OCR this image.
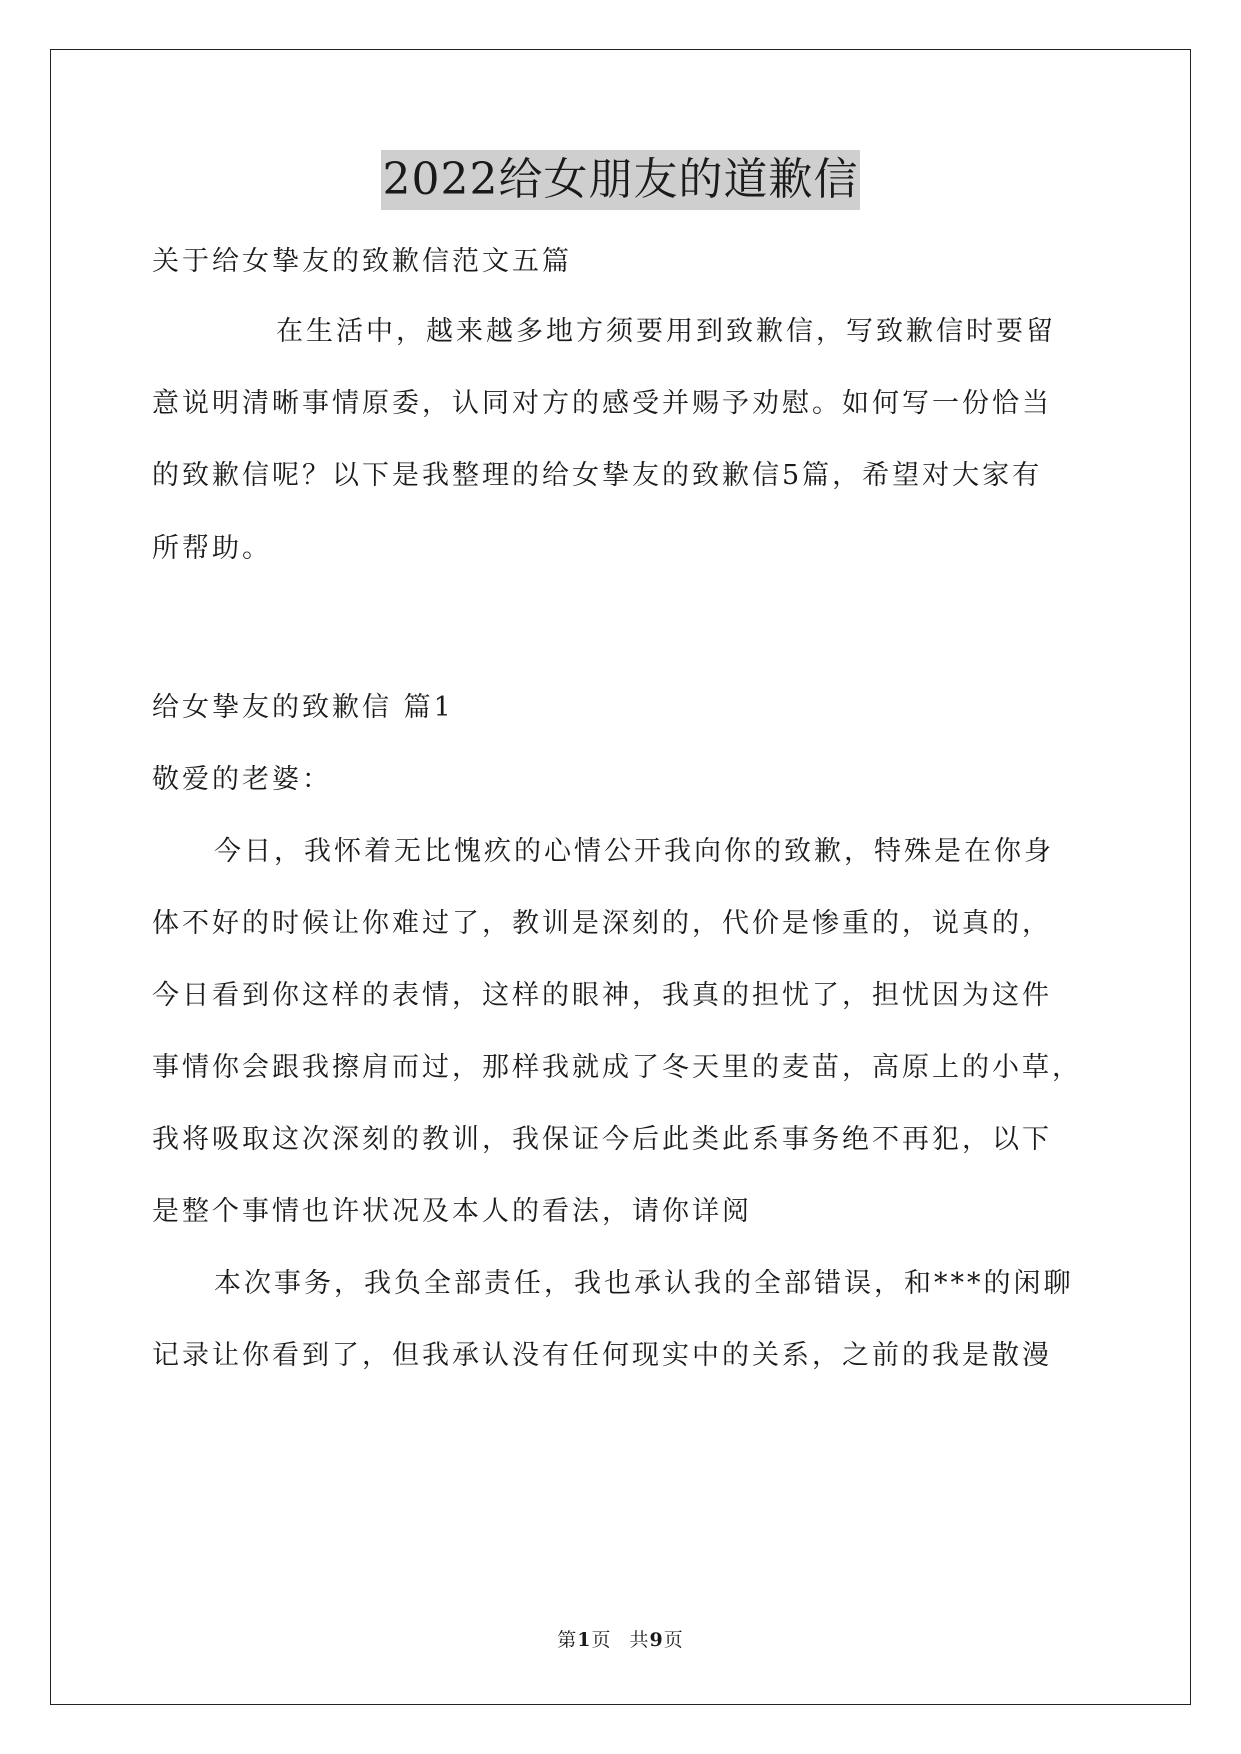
2022给女朋友的道歉信

关于给女挚友的致歉信范文五篇

在生活中，越来越多地方须要用到致歉信，写致歉信时要留

意说明清晰事情原委，认同对方的感受并赐予劝慰。如何写一份恰当

的致歉信呢？以下是我整理的给女挚友的致歉信5篇，希望对大家有

所帮助。

给女挚友的致歉信 篇1

敬爱的老婆：

今日，我怀着无比愧疚的心情公开我向你的致歉，特殊是在你身

体不好的时候让你难过了，教训是深刻的，代价是惨重的，说真的，

今日看到你这样的表情，这样的眼神，我真的担忧了，担忧因为这件

事情你会跟我擦肩而过，那样我就成了冬天里的麦苗，高原上的小草，

我将吸取这次深刻的教训，我保证今后此类此系事务绝不再犯，以下

是整个事情也许状况及本人的看法，请你详阅

本次事务，我负全部责任，我也承认我的全部错误，和***的闲聊

记录让你看到了，但我承认没有任何现实中的关系，之前的我是散漫

第1页 共9页
